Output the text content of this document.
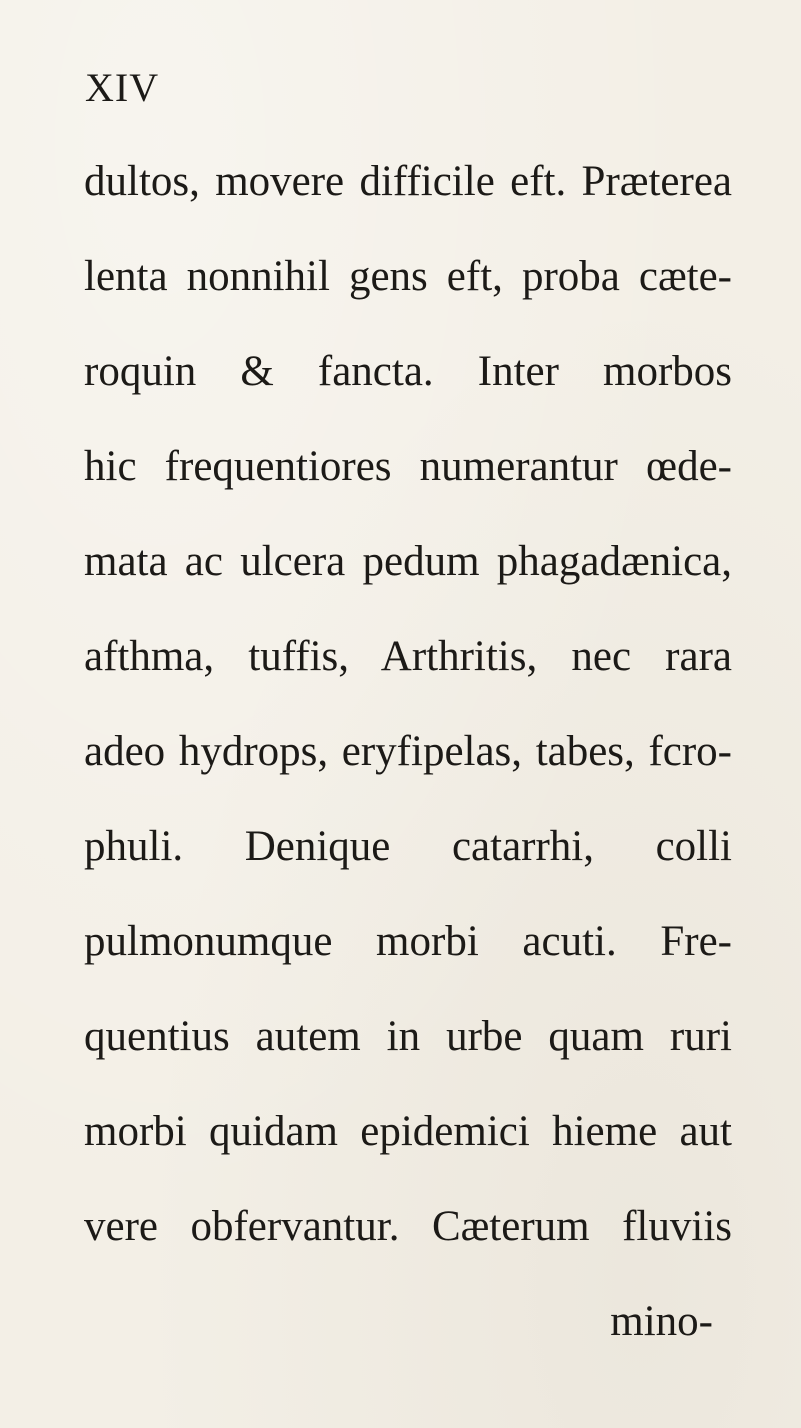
XIV
dultos, movere difficile eft. Præterea
lenta nonnihil gens eft, proba cæte-
roquin & fancta. Inter morbos
hic frequentiores numerantur œde-
mata ac ulcera pedum phagadænica,
afthma, tuffis, Arthritis, nec rara
adeo hydrops, eryfipelas, tabes, fcro-
phuli. Denique catarrhi, colli
pulmonumque morbi acuti. Fre-
quentius autem in urbe quam ruri
morbi quidam epidemici hieme aut
vere obfervantur. Cæterum fluviis
mino-
